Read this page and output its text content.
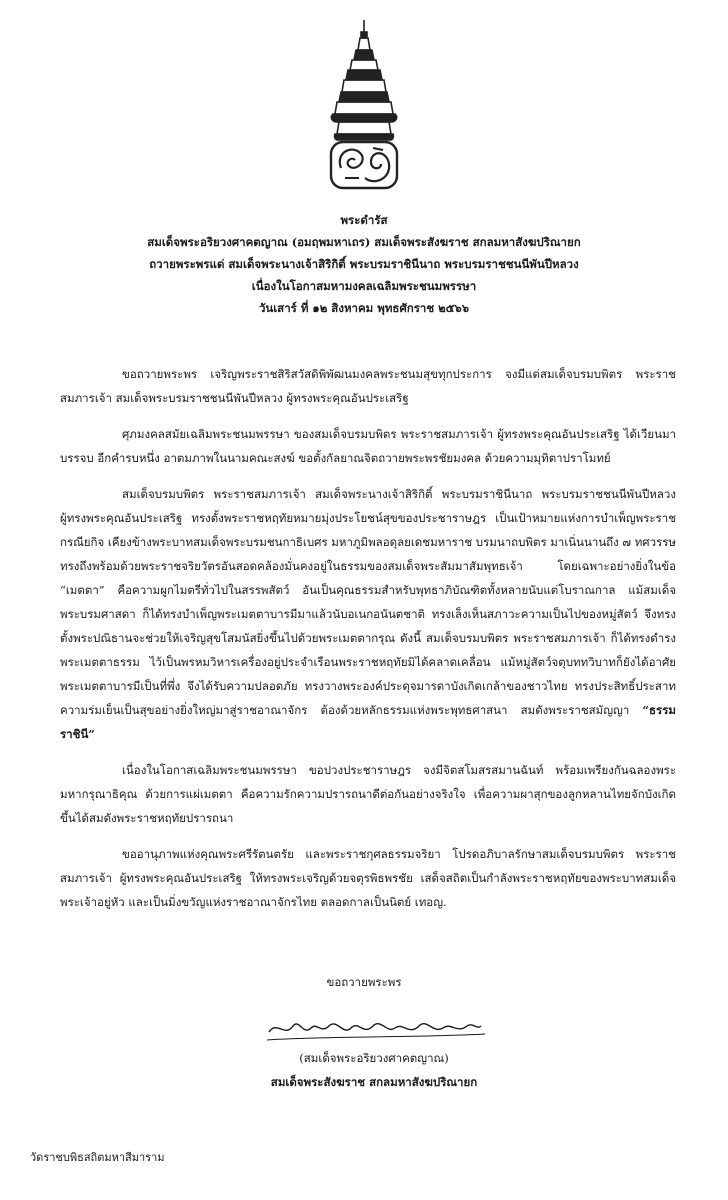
พระดำรัส
สมเด็จพระอริยวงศาคตญาณ (อมฤพมหาเถร) สมเด็จพระสังฆราช สกลมหาสังฆปริณายก
ถวายพระพรแด่ สมเด็จพระนางเจ้าสิริกิติ์ พระบรมราชินีนาถ พระบรมราชชนนีพันปีหลวง
เนื่องในโอกาสมหามงคลเฉลิมพระชนมพรรษา
วันเสาร์ ที่ ๑๒ สิงหาคม พุทธศักราช ๒๕๖๖

ขอถวายพระพร เจริญพระราชสิริสวัสดิพิพัฒนมงคลพระชนมสุขทุกประการ จงมีแด่สมเด็จบรมบพิตร พระราชสมภารเจ้า สมเด็จพระบรมราชชนนีพันปีหลวง ผู้ทรงพระคุณอันประเสริฐ

ศุภมงคลสมัยเฉลิมพระชนมพรรษา ของสมเด็จบรมบพิตร พระราชสมภารเจ้า ผู้ทรงพระคุณอันประเสริฐ ได้เวียนมาบรรจบ อีกคำรบหนึ่ง อาตมภาพในนามคณะสงฆ์ ขอตั้งกัลยาณจิตถวายพระพรชัยมงคล ด้วยความมุทิตาปราโมทย์

สมเด็จบรมบพิตร พระราชสมภารเจ้า สมเด็จพระนางเจ้าสิริกิติ์ พระบรมราชินีนาถ พระบรมราชชนนีพันปีหลวง ผู้ทรงพระคุณอันประเสริฐ ทรงตั้งพระราชหฤทัยหมายมุ่งประโยชน์สุขของประชาราษฎร เป็นเป้าหมายแห่งการบำเพ็ญพระราชกรณียกิจ เคียงข้างพระบาทสมเด็จพระบรมชนกาธิเบศร มหาภูมิพลอดุลยเดชมหาราช บรมนาถบพิตร มาเนิ่นนานถึง ๗ ทศวรรษ ทรงถึงพร้อมด้วยพระราชจริยวัตรอันสอดคล้องมั่นคงอยู่ในธรรมของสมเด็จพระสัมมาสัมพุทธเจ้า โดยเฉพาะอย่างยิ่งในข้อ “เมตตา” คือความผูกไมตรีทั่วไปในสรรพสัตว์ อันเป็นคุณธรรมสำหรับพุทธาภิบัณฑิตทั้งหลายนับแต่โบราณกาล แม้สมเด็จพระบรมศาสดา ก็ได้ทรงบำเพ็ญพระเมตตาบารมีมาแล้วนับอเนกอนันตชาติ ทรงเล็งเห็นสภาวะความเป็นไปของหมู่สัตว์ จึงทรงตั้งพระปณิธานจะช่วยให้เจริญสุขโสมนัสยิ่งขึ้นไปด้วยพระเมตตากรุณ ดังนี้ สมเด็จบรมบพิตร พระราชสมภารเจ้า ก็ได้ทรงดำรงพระเมตตาธรรม ไว้เป็นพรหมวิหารเครื่องอยู่ประจำเรือนพระราชหฤทัยมิได้คลาดเคลื่อน แม้หมู่สัตว์จตุบททวิบาทก็ยังได้อาศัยพระเมตตาบารมีเป็นที่พึ่ง จึงได้รับความปลอดภัย ทรงวางพระองค์ประดุจมารดาบังเกิดเกล้าของชาวไทย ทรงประสิทธิ์ประสาทความร่มเย็นเป็นสุขอย่างยิ่งใหญ่มาสู่ราชอาณาจักร ต้องด้วยหลักธรรมแห่งพระพุทธศาสนา สมดังพระราชสมัญญา “ธรรมราชินี”

เนื่องในโอกาสเฉลิมพระชนมพรรษา ขอปวงประชาราษฎร จงมีจิตสโมสรสมานฉันท์ พร้อมเพรียงกันฉลองพระมหากรุณาธิคุณ ด้วยการแผ่เมตตา คือความรักความปรารถนาดีต่อกันอย่างจริงใจ เพื่อความผาสุกของลูกหลานไทยจักบังเกิดขึ้นได้สมดังพระราชหฤทัยปรารถนา

ขออานุภาพแห่งคุณพระศรีรัตนตรัย และพระราชกุศลธรรมจริยา โปรดอภิบาลรักษาสมเด็จบรมบพิตร พระราชสมภารเจ้า ผู้ทรงพระคุณอันประเสริฐ ให้ทรงพระเจริญด้วยจตุรพิธพรชัย เสด็จสถิตเป็นกำลังพระราชหฤทัยของพระบาทสมเด็จพระเจ้าอยู่หัว และเป็นมิ่งขวัญแห่งราชอาณาจักรไทย ตลอดกาลเป็นนิตย์ เทอญ.

ขอถวายพระพร
(สมเด็จพระอริยวงศาคตญาณ)
สมเด็จพระสังฆราช สกลมหาสังฆปริณายก
วัดราชบพิธสถิตมหาสีมาราม
